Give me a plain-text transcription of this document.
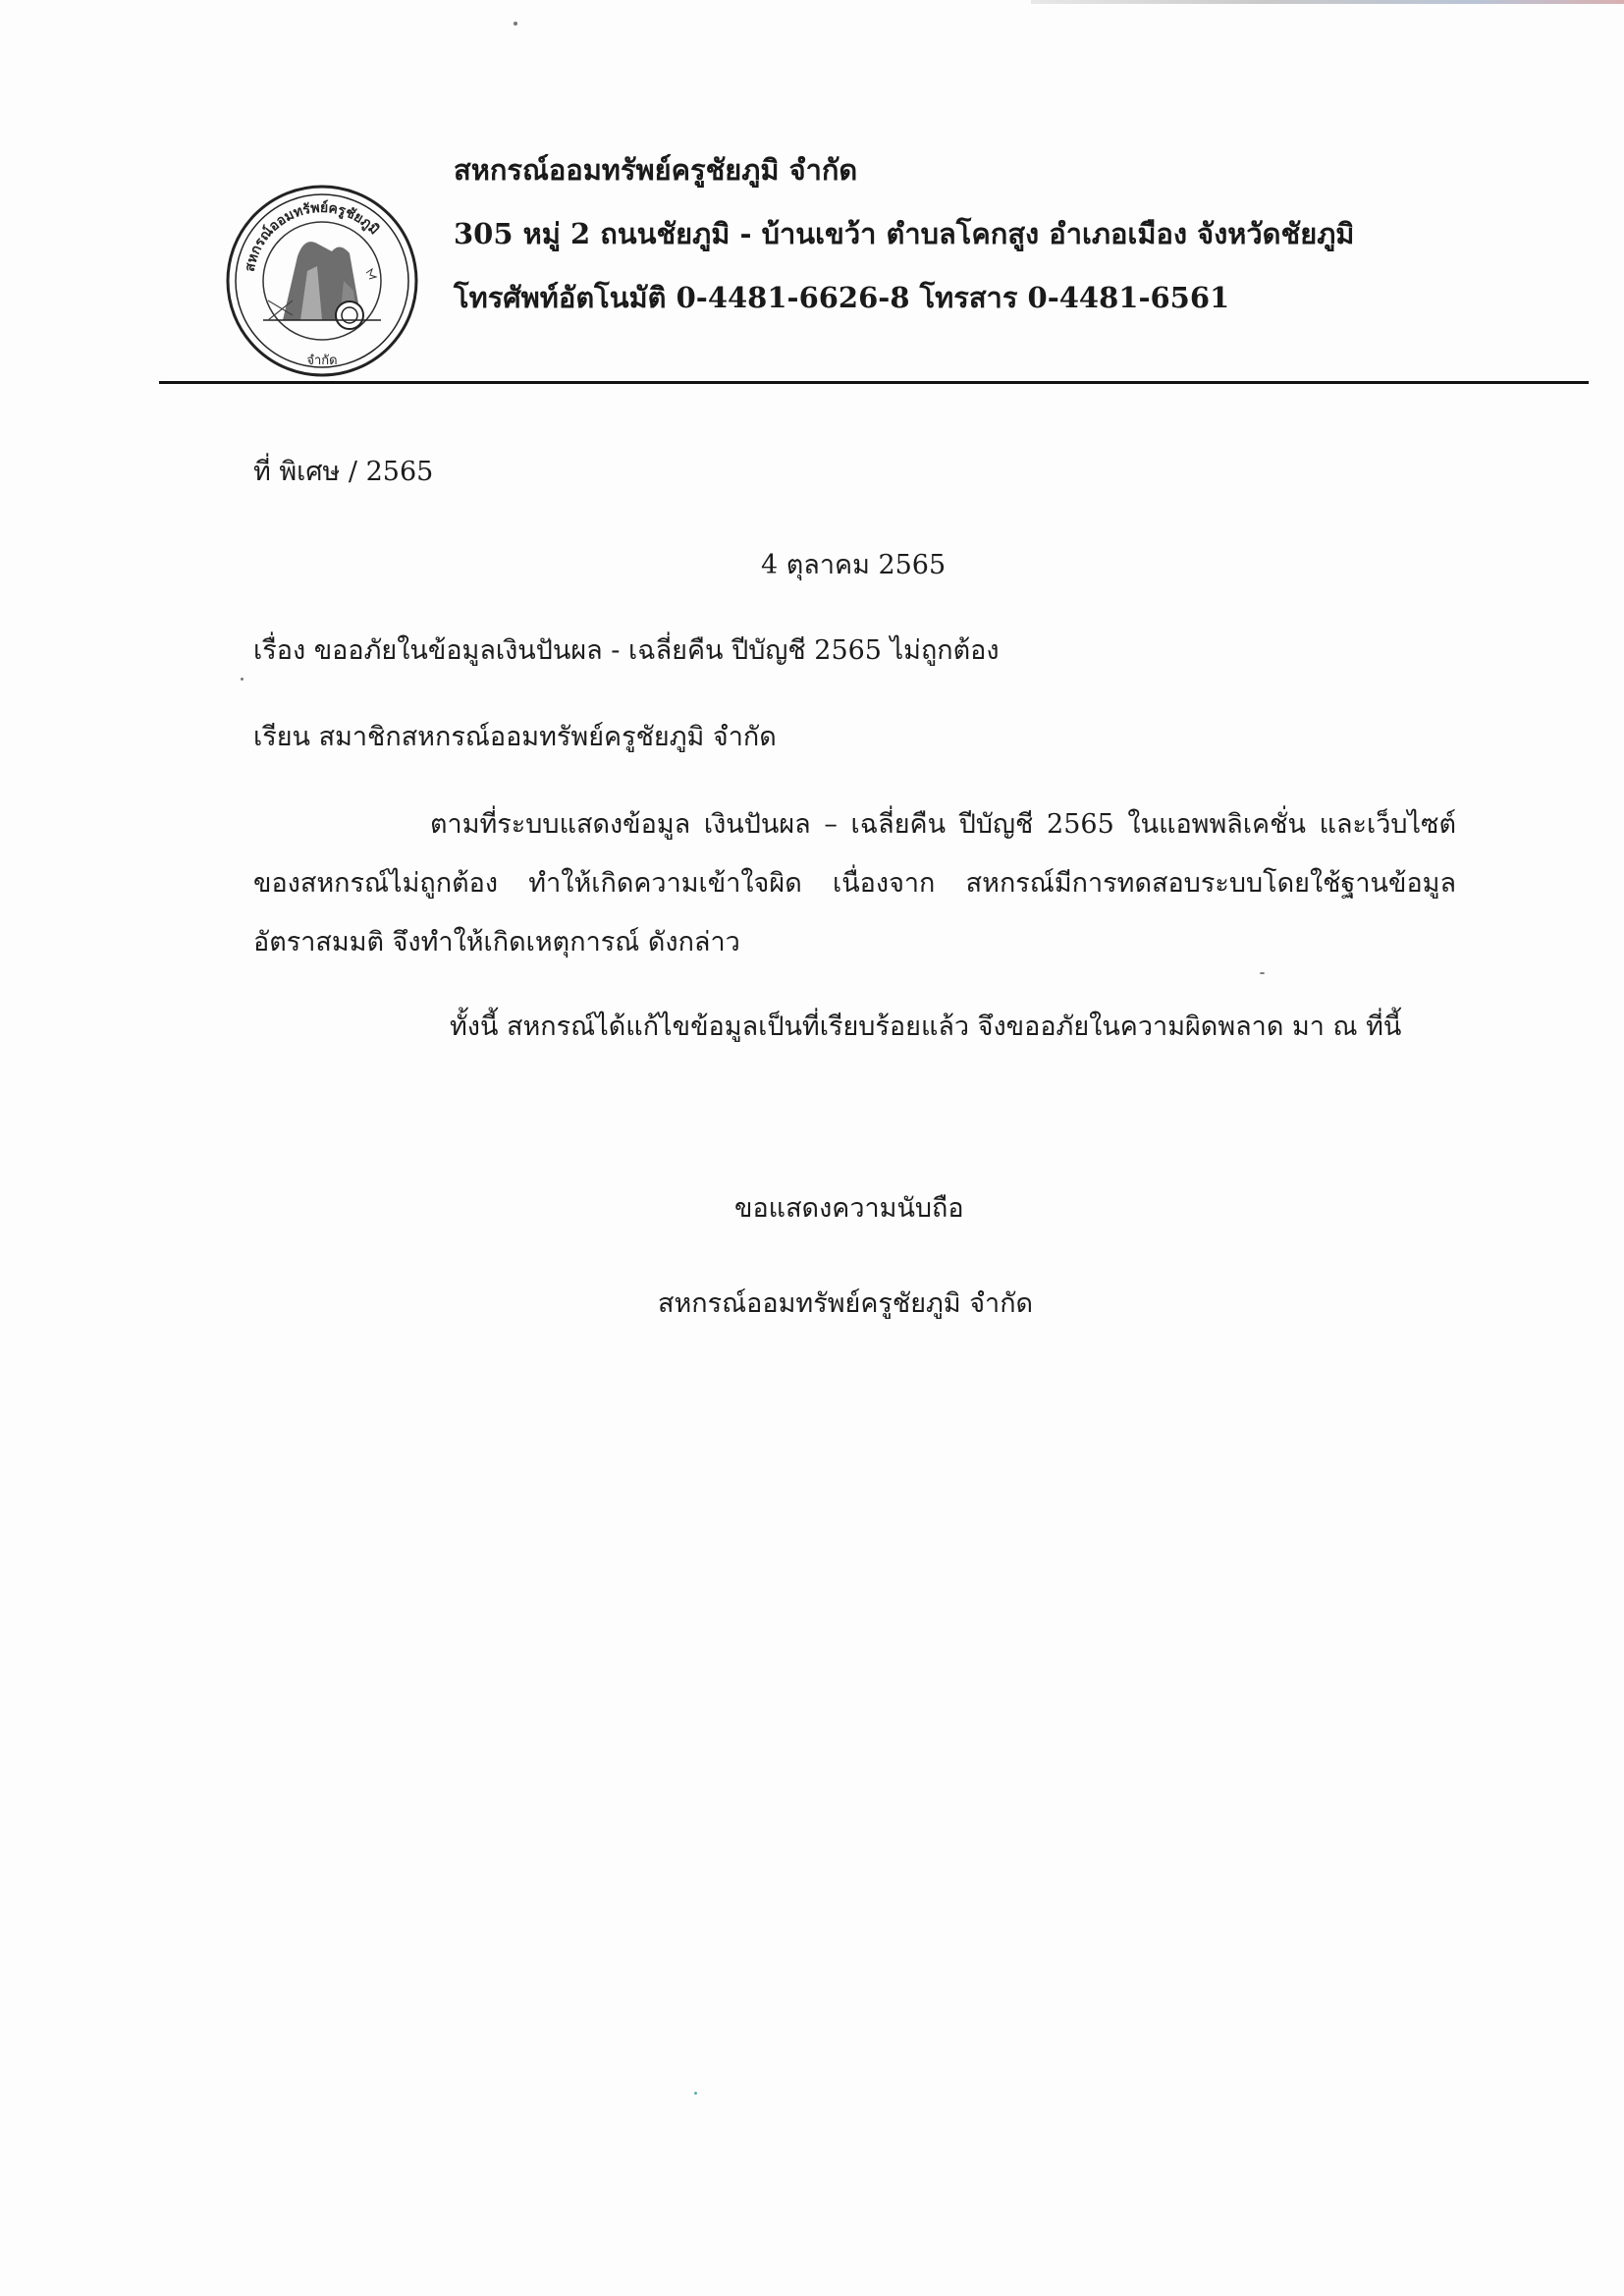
สหกรณ์ออมทรัพย์ครูชัยภูมิ
จำกัด
สหกรณ์ออมทรัพย์ครูชัยภูมิ จำกัด
305 หมู่ 2 ถนนชัยภูมิ - บ้านเขว้า ตำบลโคกสูง อำเภอเมือง จังหวัดชัยภูมิ
โทรศัพท์อัตโนมัติ 0-4481-6626-8 โทรสาร 0-4481-6561
ที่ พิเศษ / 2565
4 ตุลาคม 2565
เรื่อง ขออภัยในข้อมูลเงินปันผล - เฉลี่ยคืน ปีบัญชี 2565 ไม่ถูกต้อง
เรียน สมาชิกสหกรณ์ออมทรัพย์ครูชัยภูมิ จำกัด
ตามที่ระบบแสดงข้อมูล เงินปันผล – เฉลี่ยคืน ปีบัญชี 2565 ในแอพพลิเคชั่น และเว็บไซต์ของสหกรณ์ไม่ถูกต้อง ทำให้เกิดความเข้าใจผิด เนื่องจาก สหกรณ์มีการทดสอบระบบโดยใช้ฐานข้อมูล อัตราสมมติ จึงทำให้เกิดเหตุการณ์ ดังกล่าว
ทั้งนี้ สหกรณ์ได้แก้ไขข้อมูลเป็นที่เรียบร้อยแล้ว จึงขออภัยในความผิดพลาด มา ณ ที่นี้
ขอแสดงความนับถือ
สหกรณ์ออมทรัพย์ครูชัยภูมิ จำกัด
